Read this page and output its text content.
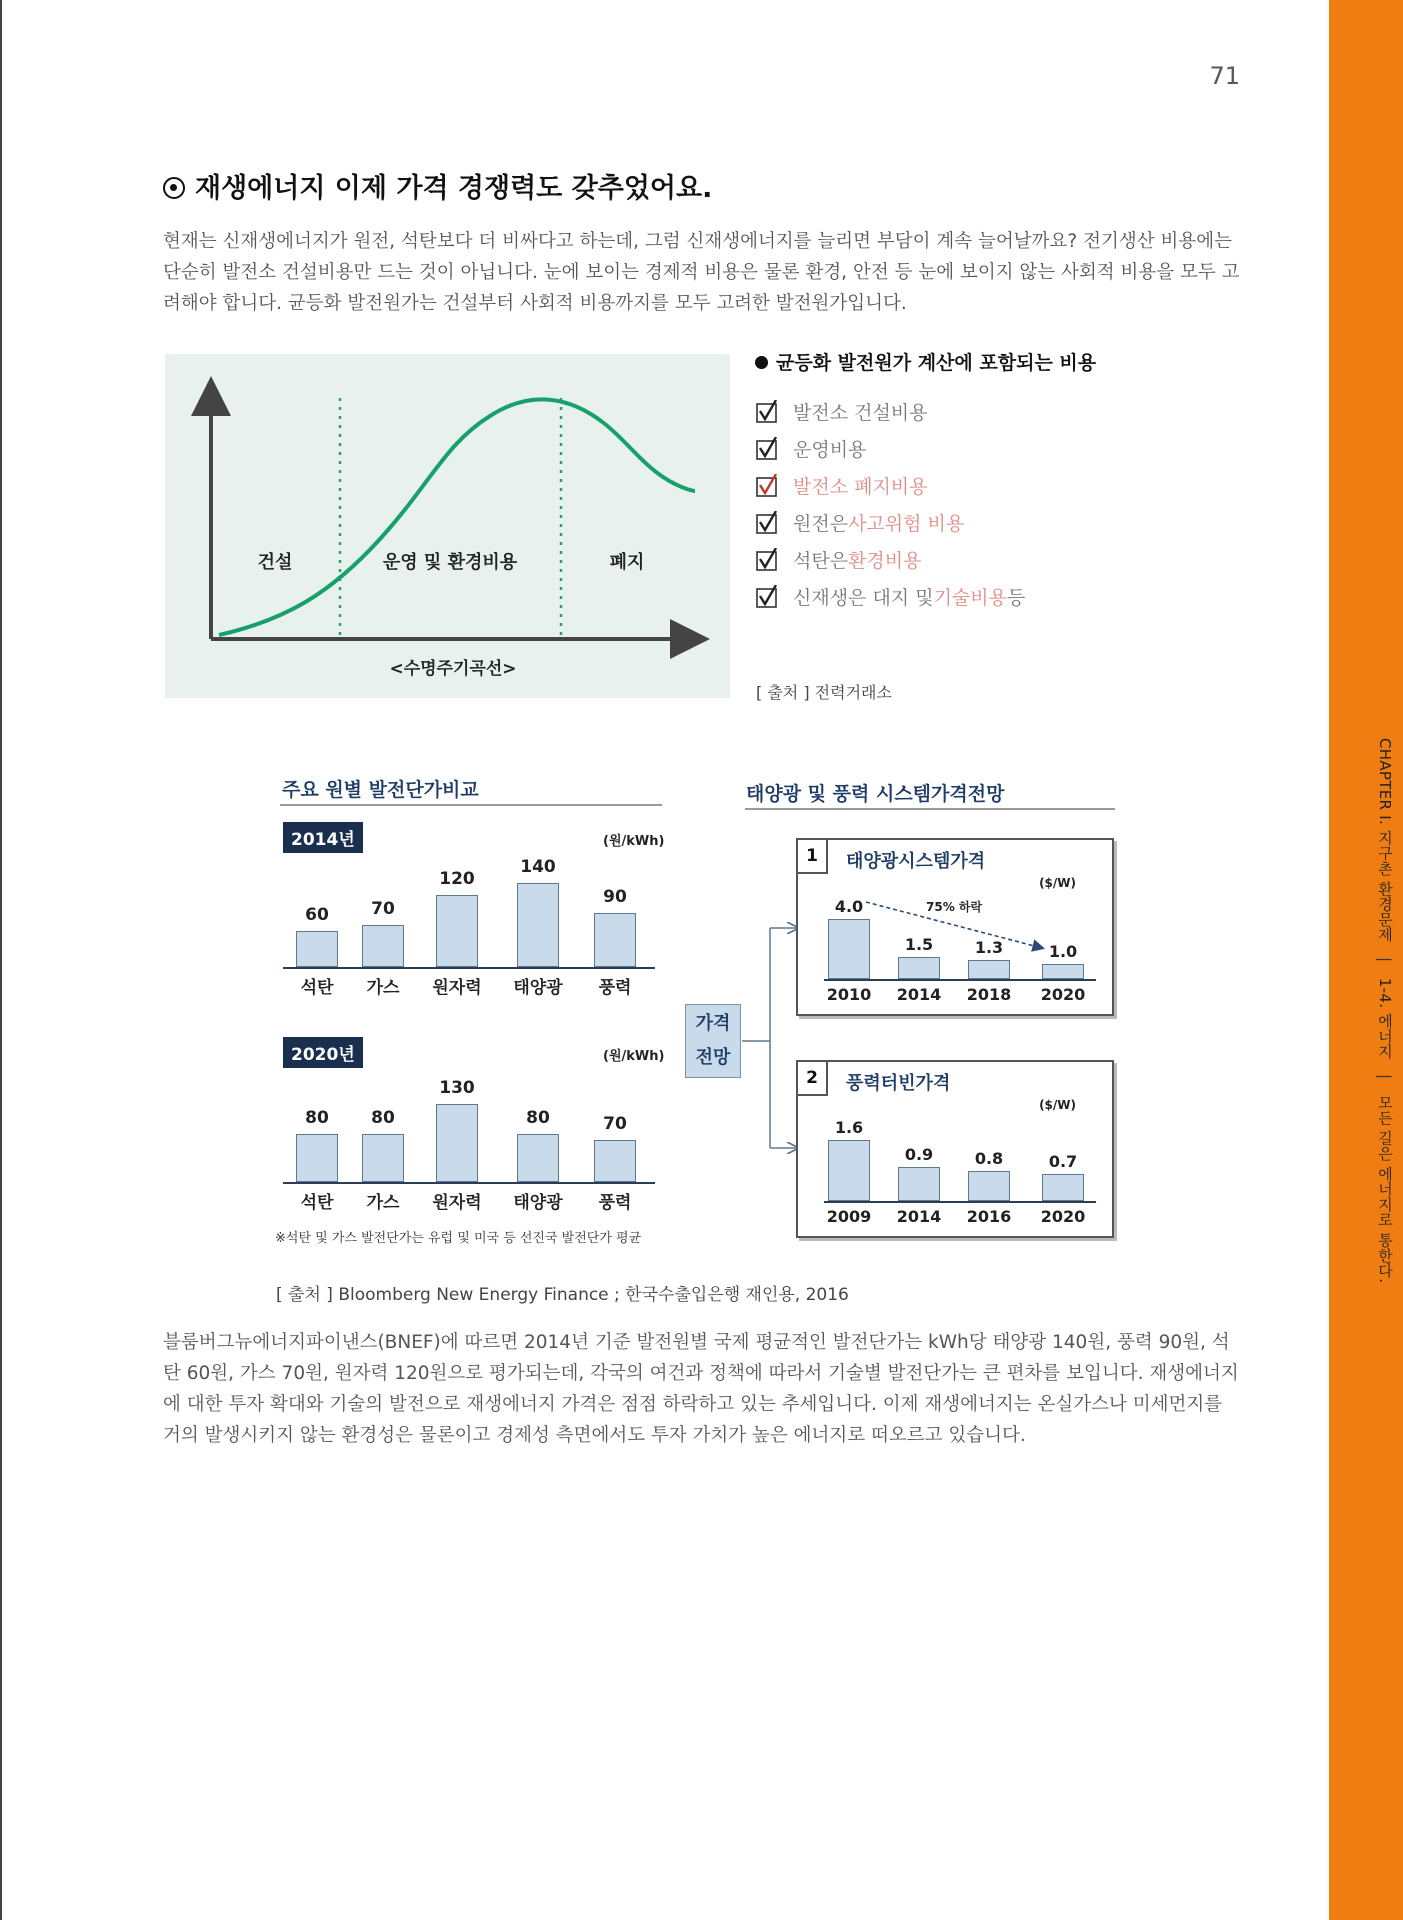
CHAPTER I. 지구촌 환경문제 | 1-4. 에너지 | 모든 길은 에너지로 통한다.
71
재생에너지 이제 가격 경쟁력도 갖추었어요.

현재는 신재생에너지가 원전, 석탄보다 더 비싸다고 하는데, 그럼 신재생에너지를 늘리면 부담이 계속 늘어날까요? 전기생산 비용에는 단순히 발전소 건설비용만 드는 것이 아닙니다. 눈에 보이는 경제적 비용은 물론 환경, 안전 등 눈에 보이지 않는 사회적 비용을 모두 고려해야 합니다. 균등화 발전원가는 건설부터 사회적 비용까지를 모두 고려한 발전원가입니다.

건설	운영 및 환경비용	폐지
<수명주기곡선>
균등화 발전원가 계산에 포함되는 비용
발전소 건설비용
운영비용
발전소 폐지비용
원전은 사고위험 비용
석탄은 환경비용
신재생은 대지 및 기술비용 등
[ 출처 ] 전력거래소
주요 원별 발전단가비교
2014년	(원/kWh)
60
석탄
70
가스
120
원자력
140
태양광
90
풍력
2020년	(원/kWh)
80
석탄
80
가스
130
원자력
80
태양광
70
풍력
※석탄 및 가스 발전단가는 유럽 및 미국 등 선진국 발전단가 평균
태양광 및 풍력 시스템가격전망
가격
전망
1	태양광시스템가격
($/W)
75% 하락
4.0
2010
1.5
2014
1.3
2018
1.0
2020
2	풍력터빈가격
($/W)
1.6
2009
0.9
2014
0.8
2016
0.7
2020
[ 출처 ] Bloomberg New Energy Finance ; 한국수출입은행 재인용, 2016

블룸버그뉴에너지파이낸스(BNEF)에 따르면 2014년 기준 발전원별 국제 평균적인 발전단가는 kWh당 태양광 140원, 풍력 90원, 석탄 60원, 가스 70원, 원자력 120원으로 평가되는데, 각국의 여건과 정책에 따라서 기술별 발전단가는 큰 편차를 보입니다. 재생에너지에 대한 투자 확대와 기술의 발전으로 재생에너지 가격은 점점 하락하고 있는 추세입니다. 이제 재생에너지는 온실가스나 미세먼지를 거의 발생시키지 않는 환경성은 물론이고 경제성 측면에서도 투자 가치가 높은 에너지로 떠오르고 있습니다.
